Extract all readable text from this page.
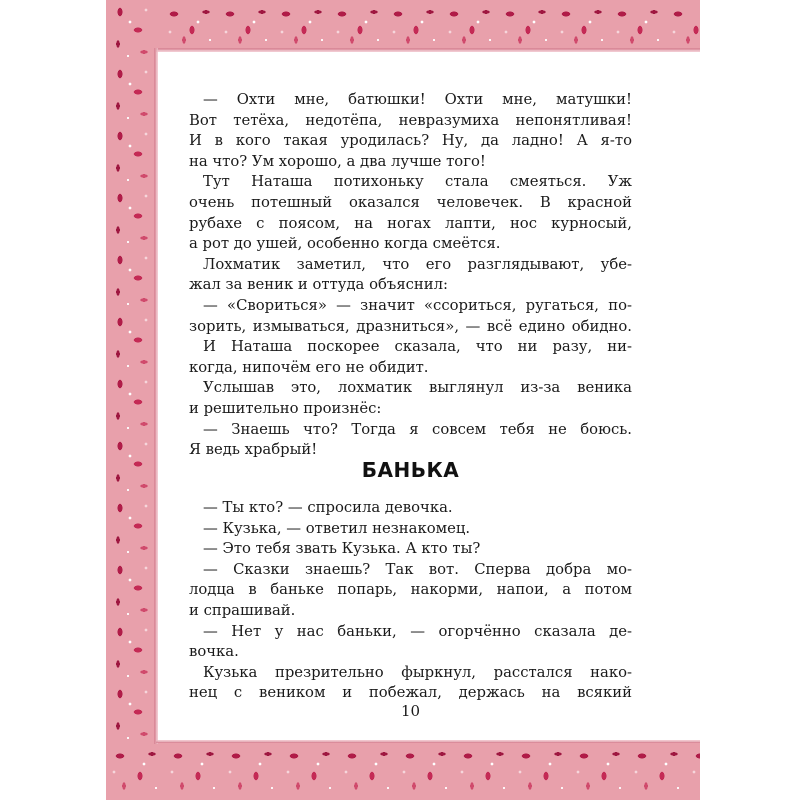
— Охти мне, батюшки! Охти мне, матушки!
Вот тетёха, недотёпа, невразумиха непонятливая!
И в кого такая уродилась? Ну, да ладно! А я-то
на что? Ум хорошо, а два лучше того!
Тут Наташа потихоньку стала смеяться. Уж
очень потешный оказался человечек. В красной
рубахе с поясом, на ногах лапти, нос курносый,
а рот до ушей, особенно когда смеётся.
Лохматик заметил, что его разглядывают, убе-
жал за веник и оттуда объяснил:
— «Свориться» — значит «ссориться, ругаться, по-
зорить, измываться, дразниться», — всё едино обидно.
И Наташа поскорее сказала, что ни разу, ни-
когда, нипочём его не обидит.
Услышав это, лохматик выглянул из-за веника
и решительно произнёс:
— Знаешь что? Тогда я совсем тебя не боюсь.
Я ведь храбрый!
БАНЬКА
— Ты кто? — спросила девочка.
— Кузька, — ответил незнакомец.
— Это тебя звать Кузька. А кто ты?
— Сказки знаешь? Так вот. Сперва добра мо-
лодца в баньке попарь, накорми, напои, а потом
и спрашивай.
— Нет у нас баньки, — огорчённо сказала де-
вочка.
Кузька презрительно фыркнул, расстался нако-
нец с веником и побежал, держась на всякий
10
